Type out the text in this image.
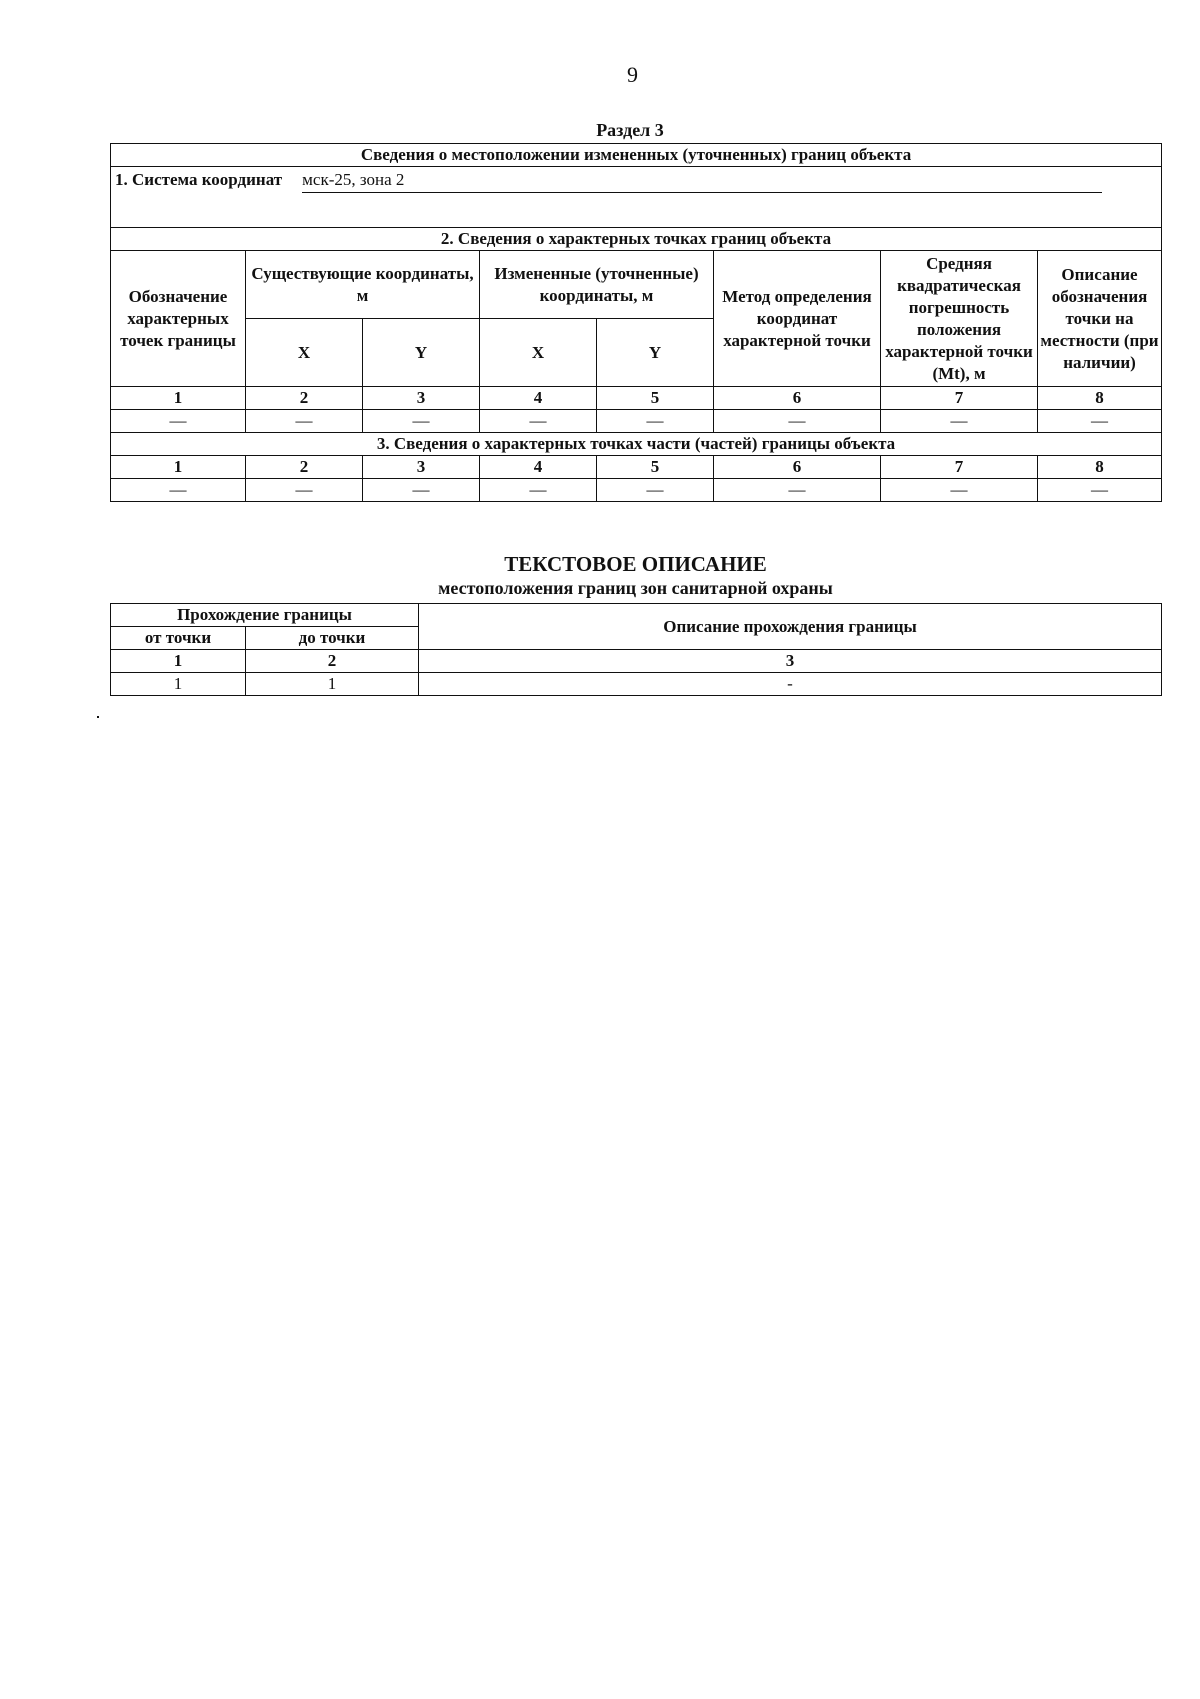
9
Раздел 3
Сведения о местоположении измененных (уточненных) границ объекта							
1. Система координат мск-25, зона 2							
2. Сведения о характерных точках границ объекта							
Обозначение характерных точек границы	Существующие координаты, м		Измененные (уточненные) координаты, м		Метод определения координат характерной точки	Средняя квадратическая погрешность положения характерной точки (Mt), м	Описание обозначения точки на местности (при наличии)
	X	Y	X	Y			
1	2	3	4	5	6	7	8
—	—	—	—	—	—	—	—
3. Сведения о характерных точках части (частей) границы объекта							
1	2	3	4	5	6	7	8
—	—	—	—	—	—	—	—
ТЕКСТОВОЕ ОПИСАНИЕ
местоположения границ зон санитарной охраны
Прохождение границы		Описание прохождения границы
от точки	до точки	
1	2	3
1	1	-
